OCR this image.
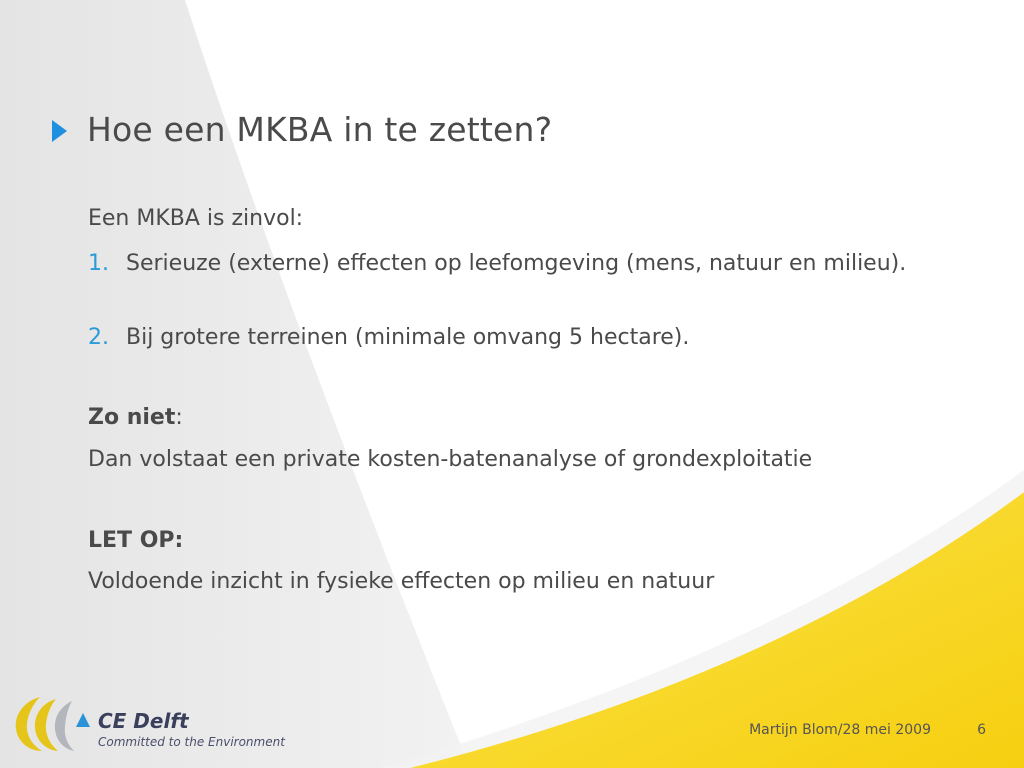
Hoe een MKBA in te zetten?
Een MKBA is zinvol:
1. Serieuze (externe) effecten op leefomgeving (mens, natuur en milieu).
2. Bij grotere terreinen (minimale omvang 5 hectare).
Zo niet:
Dan volstaat een private kosten-batenanalyse of grondexploitatie
LET OP:
Voldoende inzicht in fysieke effecten op milieu en natuur
CE Delft
Committed to the Environment
Martijn Blom/28 mei 2009	6
